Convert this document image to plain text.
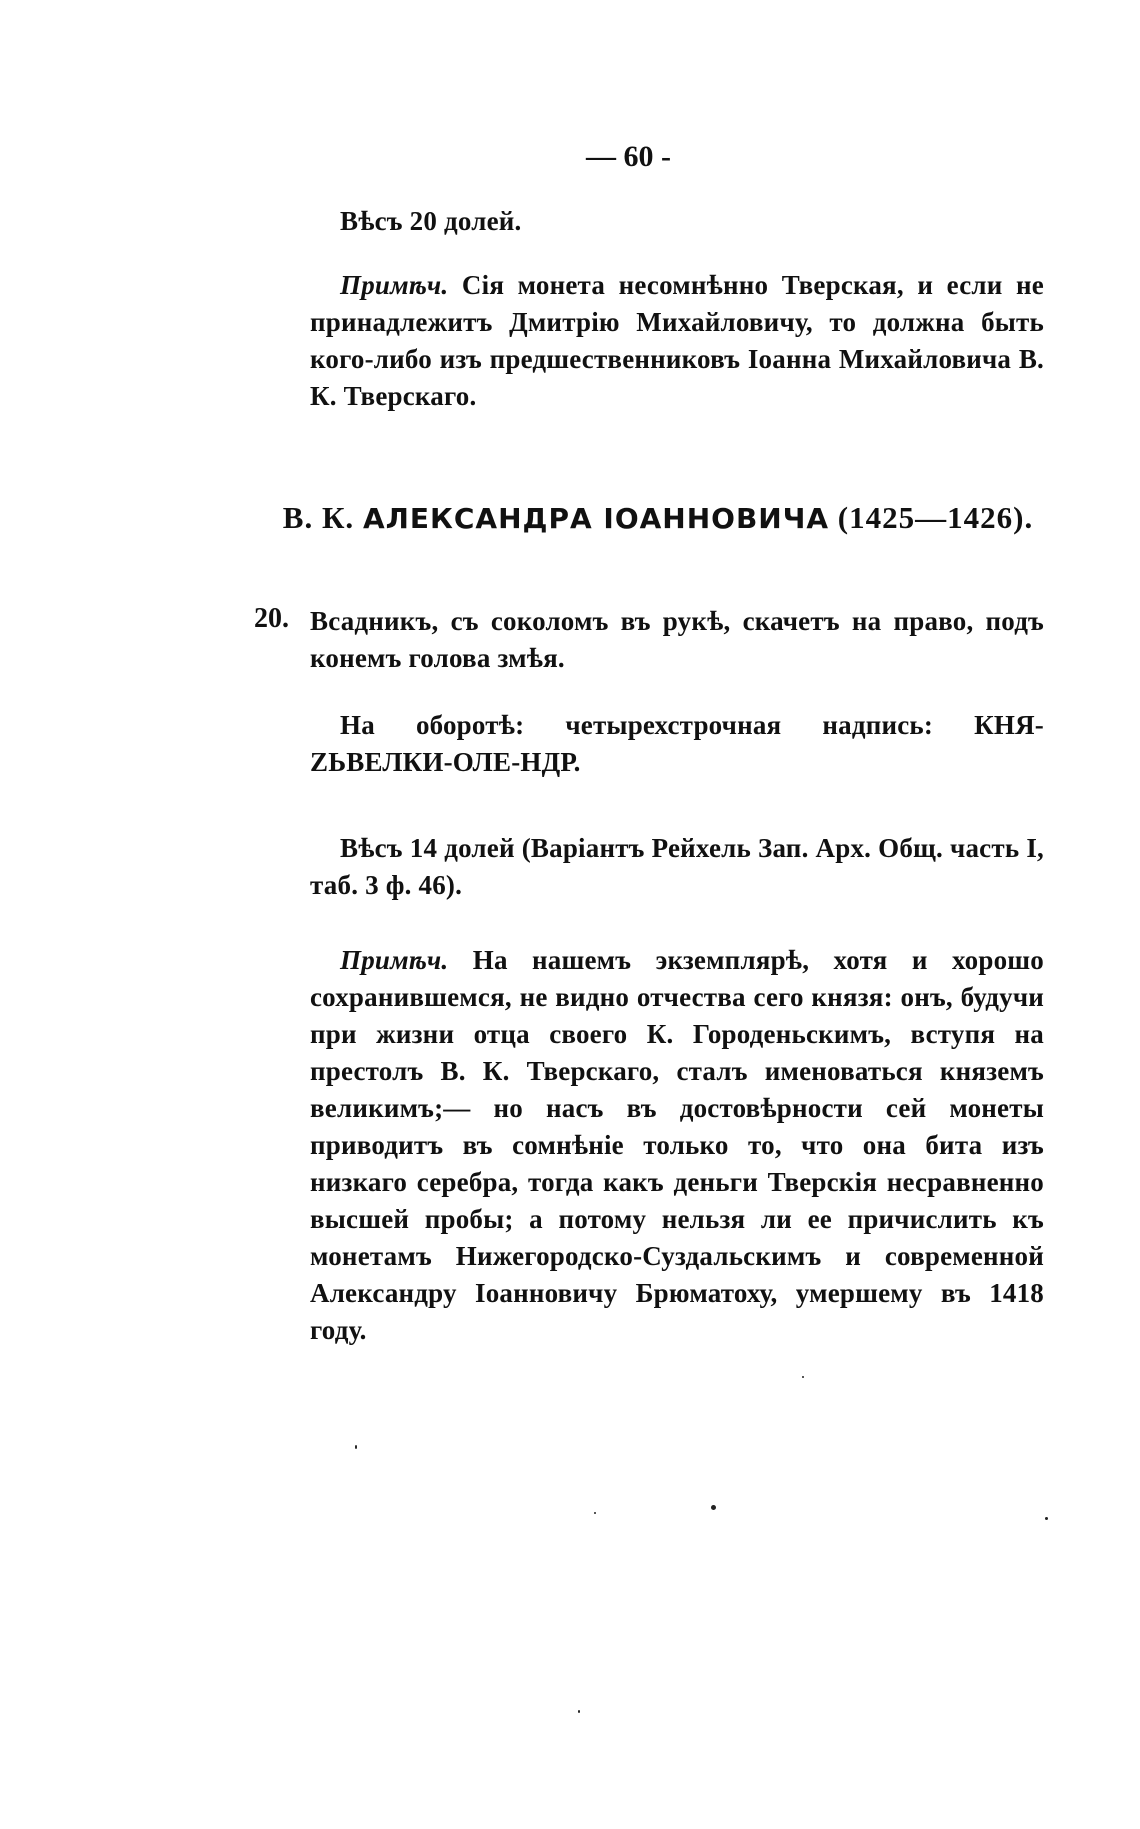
— 60 -
Вѣсъ 20 долей.
Примѣч. Сія монета несомнѣнно Тверская, и если не принадлежитъ Дмитрію Михайловичу, то должна быть кого-либо изъ предшественниковъ Іоанна Михайловича В. К. Тверскаго.
В. К. АЛЕКСАНДРА ІОАННОВИЧА (1425—1426).
20. Всадникъ, съ соколомъ въ рукѣ, скачетъ на право, подъ конемъ голова змѣя.
На оборотѣ: четырехстрочная надпись: КНЯ-ZЬВЕЛКИ-ОЛЕ-НДР.
Вѣсъ 14 долей (Варіантъ Рейхель Зап. Арх. Общ. часть I, таб. 3 ф. 46).
Примѣч. На нашемъ экземплярѣ, хотя и хорошо сохранившемся, не видно отчества сего князя: онъ, будучи при жизни отца своего К. Городеньскимъ, вступя на престолъ В. К. Тверскаго, сталъ именоваться княземъ великимъ;— но насъ въ достовѣрности сей монеты приводитъ въ сомнѣніе только то, что она бита изъ низкаго серебра, тогда какъ деньги Тверскія несравненно высшей пробы; а потому нельзя ли ее причислить къ монетамъ Нижегородско-Суздальскимъ и современной Александру Іоанновичу Брюматоху, умершему въ 1418 году.
